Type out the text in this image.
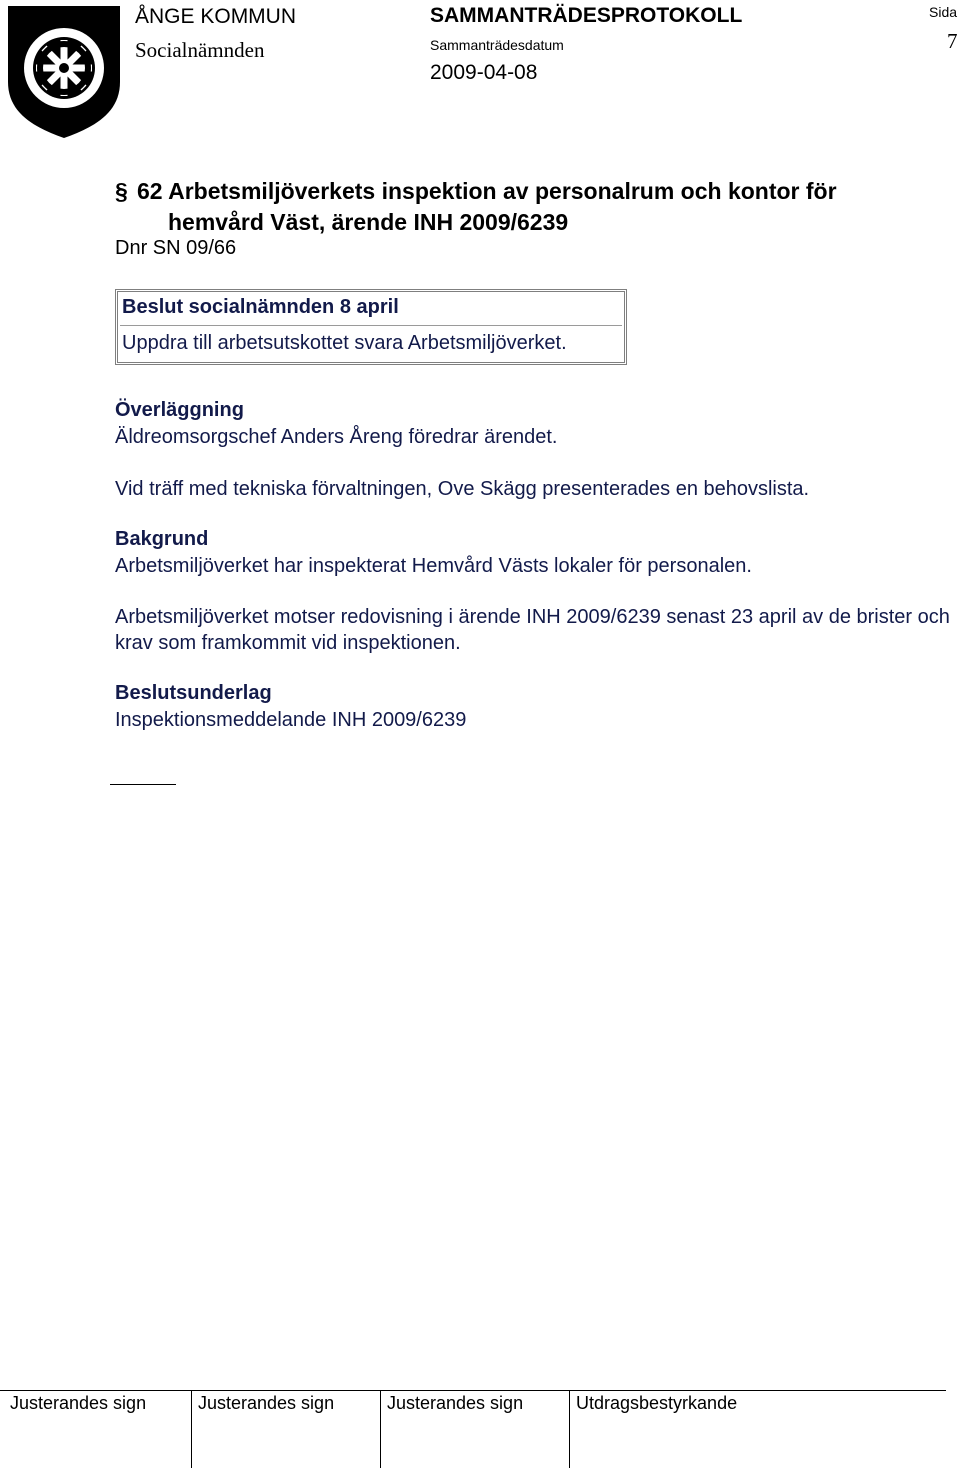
ÅNGE KOMMUN
Socialnämnden
SAMMANTRÄDESPROTOKOLL
Sammanträdesdatum
2009-04-08
Sida
7
§ 62 Arbetsmiljöverkets inspektion av personalrum och kontor för
hemvård Väst, ärende INH 2009/6239
Dnr SN 09/66
Beslut socialnämnden 8 april
Uppdra till arbetsutskottet svara Arbetsmiljöverket.
Överläggning
Äldreomsorgschef Anders Åreng föredrar ärendet.
Vid träff med tekniska förvaltningen, Ove Skägg presenterades en behovslista.
Bakgrund
Arbetsmiljöverket har inspekterat Hemvård Västs lokaler för personalen.
Arbetsmiljöverket motser redovisning i ärende INH 2009/6239 senast 23 april av de brister och krav som framkommit vid inspektionen.
Beslutsunderlag
Inspektionsmeddelande INH 2009/6239
Justerandes sign	Justerandes sign	Justerandes sign	Utdragsbestyrkande
